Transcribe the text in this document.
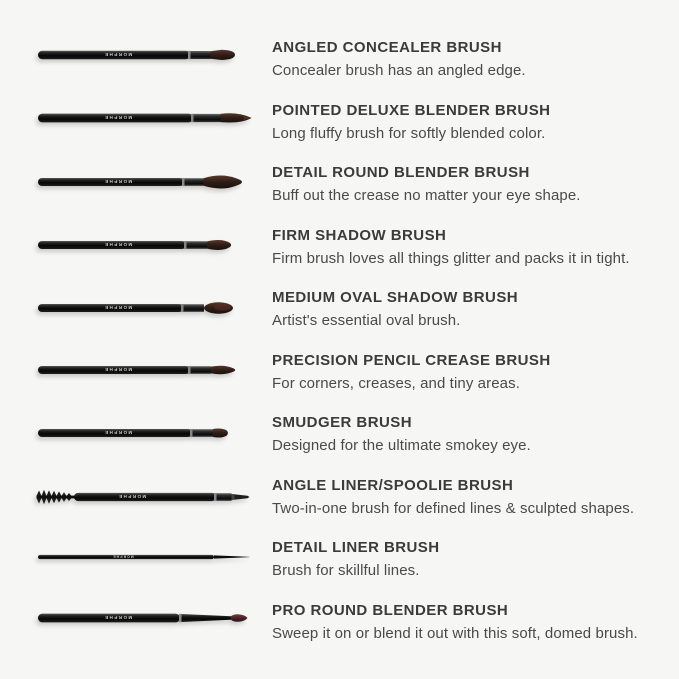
MORPHE	ANGLED CONCEALER BRUSH
Concealer brush has an angled edge.
MORPHE	POINTED DELUXE BLENDER BRUSH
Long fluffy brush for softly blended color.
MORPHE
DETAIL ROUND BLENDER BRUSH
Buff out the crease no matter your eye shape.
MORPHE
FIRM SHADOW BRUSH
Firm brush loves all things glitter and packs it in tight.
MORPHE
MEDIUM OVAL SHADOW BRUSH
Artist's essential oval brush.
MORPHE
PRECISION PENCIL CREASE BRUSH
For corners, creases, and tiny areas.
MORPHE
SMUDGER BRUSH
Designed for the ultimate smokey eye.
MORPHE
ANGLE LINER/SPOOLIE BRUSH
Two-in-one brush for defined lines & sculpted shapes.
MORPHE
DETAIL LINER BRUSH
Brush for skillful lines.
MORPHE	PRO ROUND BLENDER BRUSH
Sweep it on or blend it out with this soft, domed brush.
